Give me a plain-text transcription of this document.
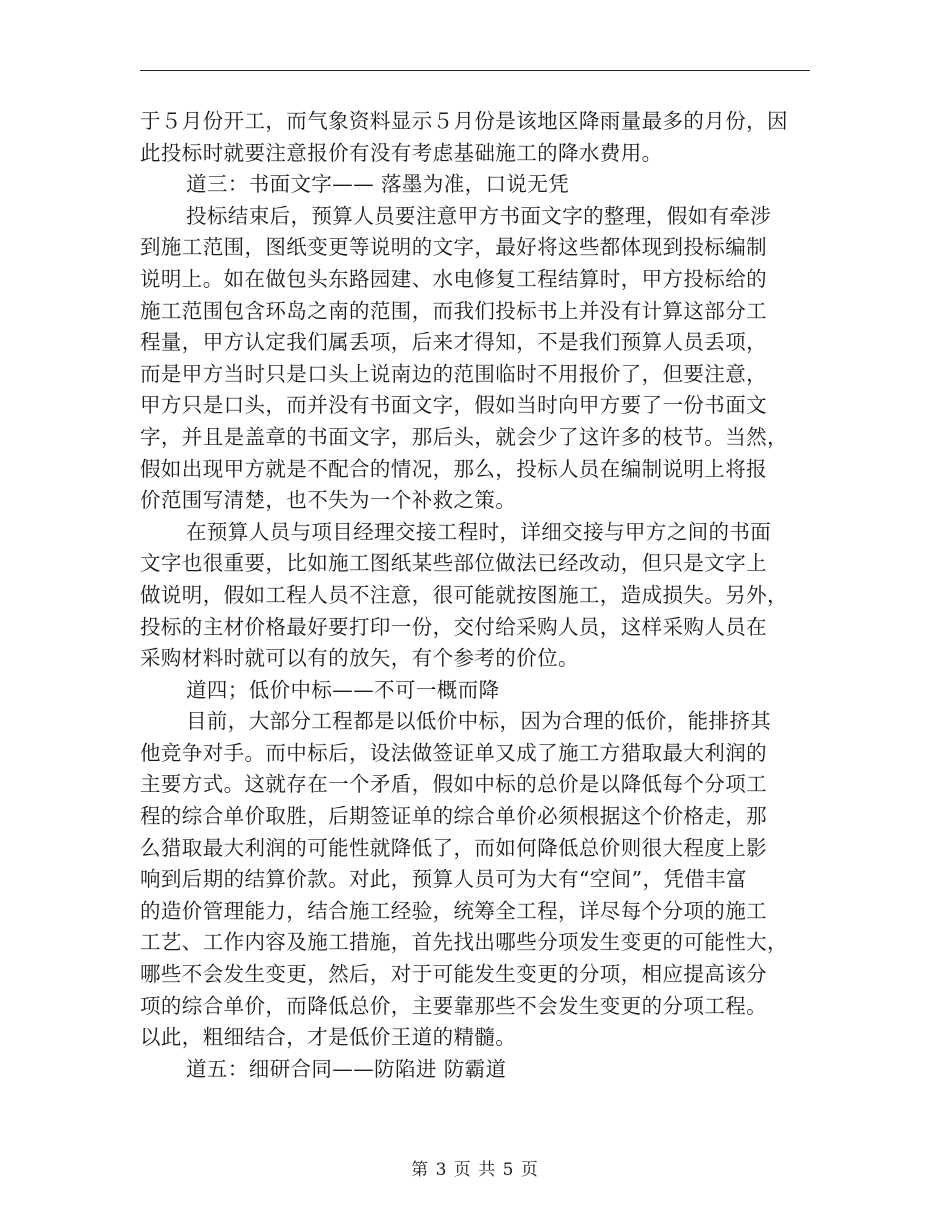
于５月份开工，而气象资料显示５月份是该地区降雨量最多的月份，因
此投标时就要注意报价有没有考虑基础施工的降水费用。
道三：书面文字—— 落墨为准，口说无凭
投标结束后，预算人员要注意甲方书面文字的整理，假如有牵涉
到施工范围，图纸变更等说明的文字，最好将这些都体现到投标编制
说明上。如在做包头东路园建、水电修复工程结算时，甲方投标给的
施工范围包含环岛之南的范围，而我们投标书上并没有计算这部分工
程量，甲方认定我们属丢项，后来才得知，不是我们预算人员丢项，
而是甲方当时只是口头上说南边的范围临时不用报价了，但要注意，
甲方只是口头，而并没有书面文字，假如当时向甲方要了一份书面文
字，并且是盖章的书面文字，那后头，就会少了这许多的枝节。当然，
假如出现甲方就是不配合的情况，那么，投标人员在编制说明上将报
价范围写清楚，也不失为一个补救之策。
在预算人员与项目经理交接工程时，详细交接与甲方之间的书面
文字也很重要，比如施工图纸某些部位做法已经改动，但只是文字上
做说明，假如工程人员不注意，很可能就按图施工，造成损失。另外，
投标的主材价格最好要打印一份，交付给采购人员，这样采购人员在
采购材料时就可以有的放矢，有个参考的价位。
道四；低价中标——不可一概而降
目前，大部分工程都是以低价中标，因为合理的低价，能排挤其
他竞争对手。而中标后，设法做签证单又成了施工方猎取最大利润的
主要方式。这就存在一个矛盾，假如中标的总价是以降低每个分项工
程的综合单价取胜，后期签证单的综合单价必须根据这个价格走，那
么猎取最大利润的可能性就降低了，而如何降低总价则很大程度上影
响到后期的结算价款。对此，预算人员可为大有“空间”，凭借丰富
的造价管理能力，结合施工经验，统筹全工程，详尽每个分项的施工
工艺、工作内容及施工措施，首先找出哪些分项发生变更的可能性大，
哪些不会发生变更，然后，对于可能发生变更的分项，相应提高该分
项的综合单价，而降低总价，主要靠那些不会发生变更的分项工程。
以此，粗细结合，才是低价王道的精髓。
道五：细研合同——防陷进 防霸道
第 3 页 共 5 页
